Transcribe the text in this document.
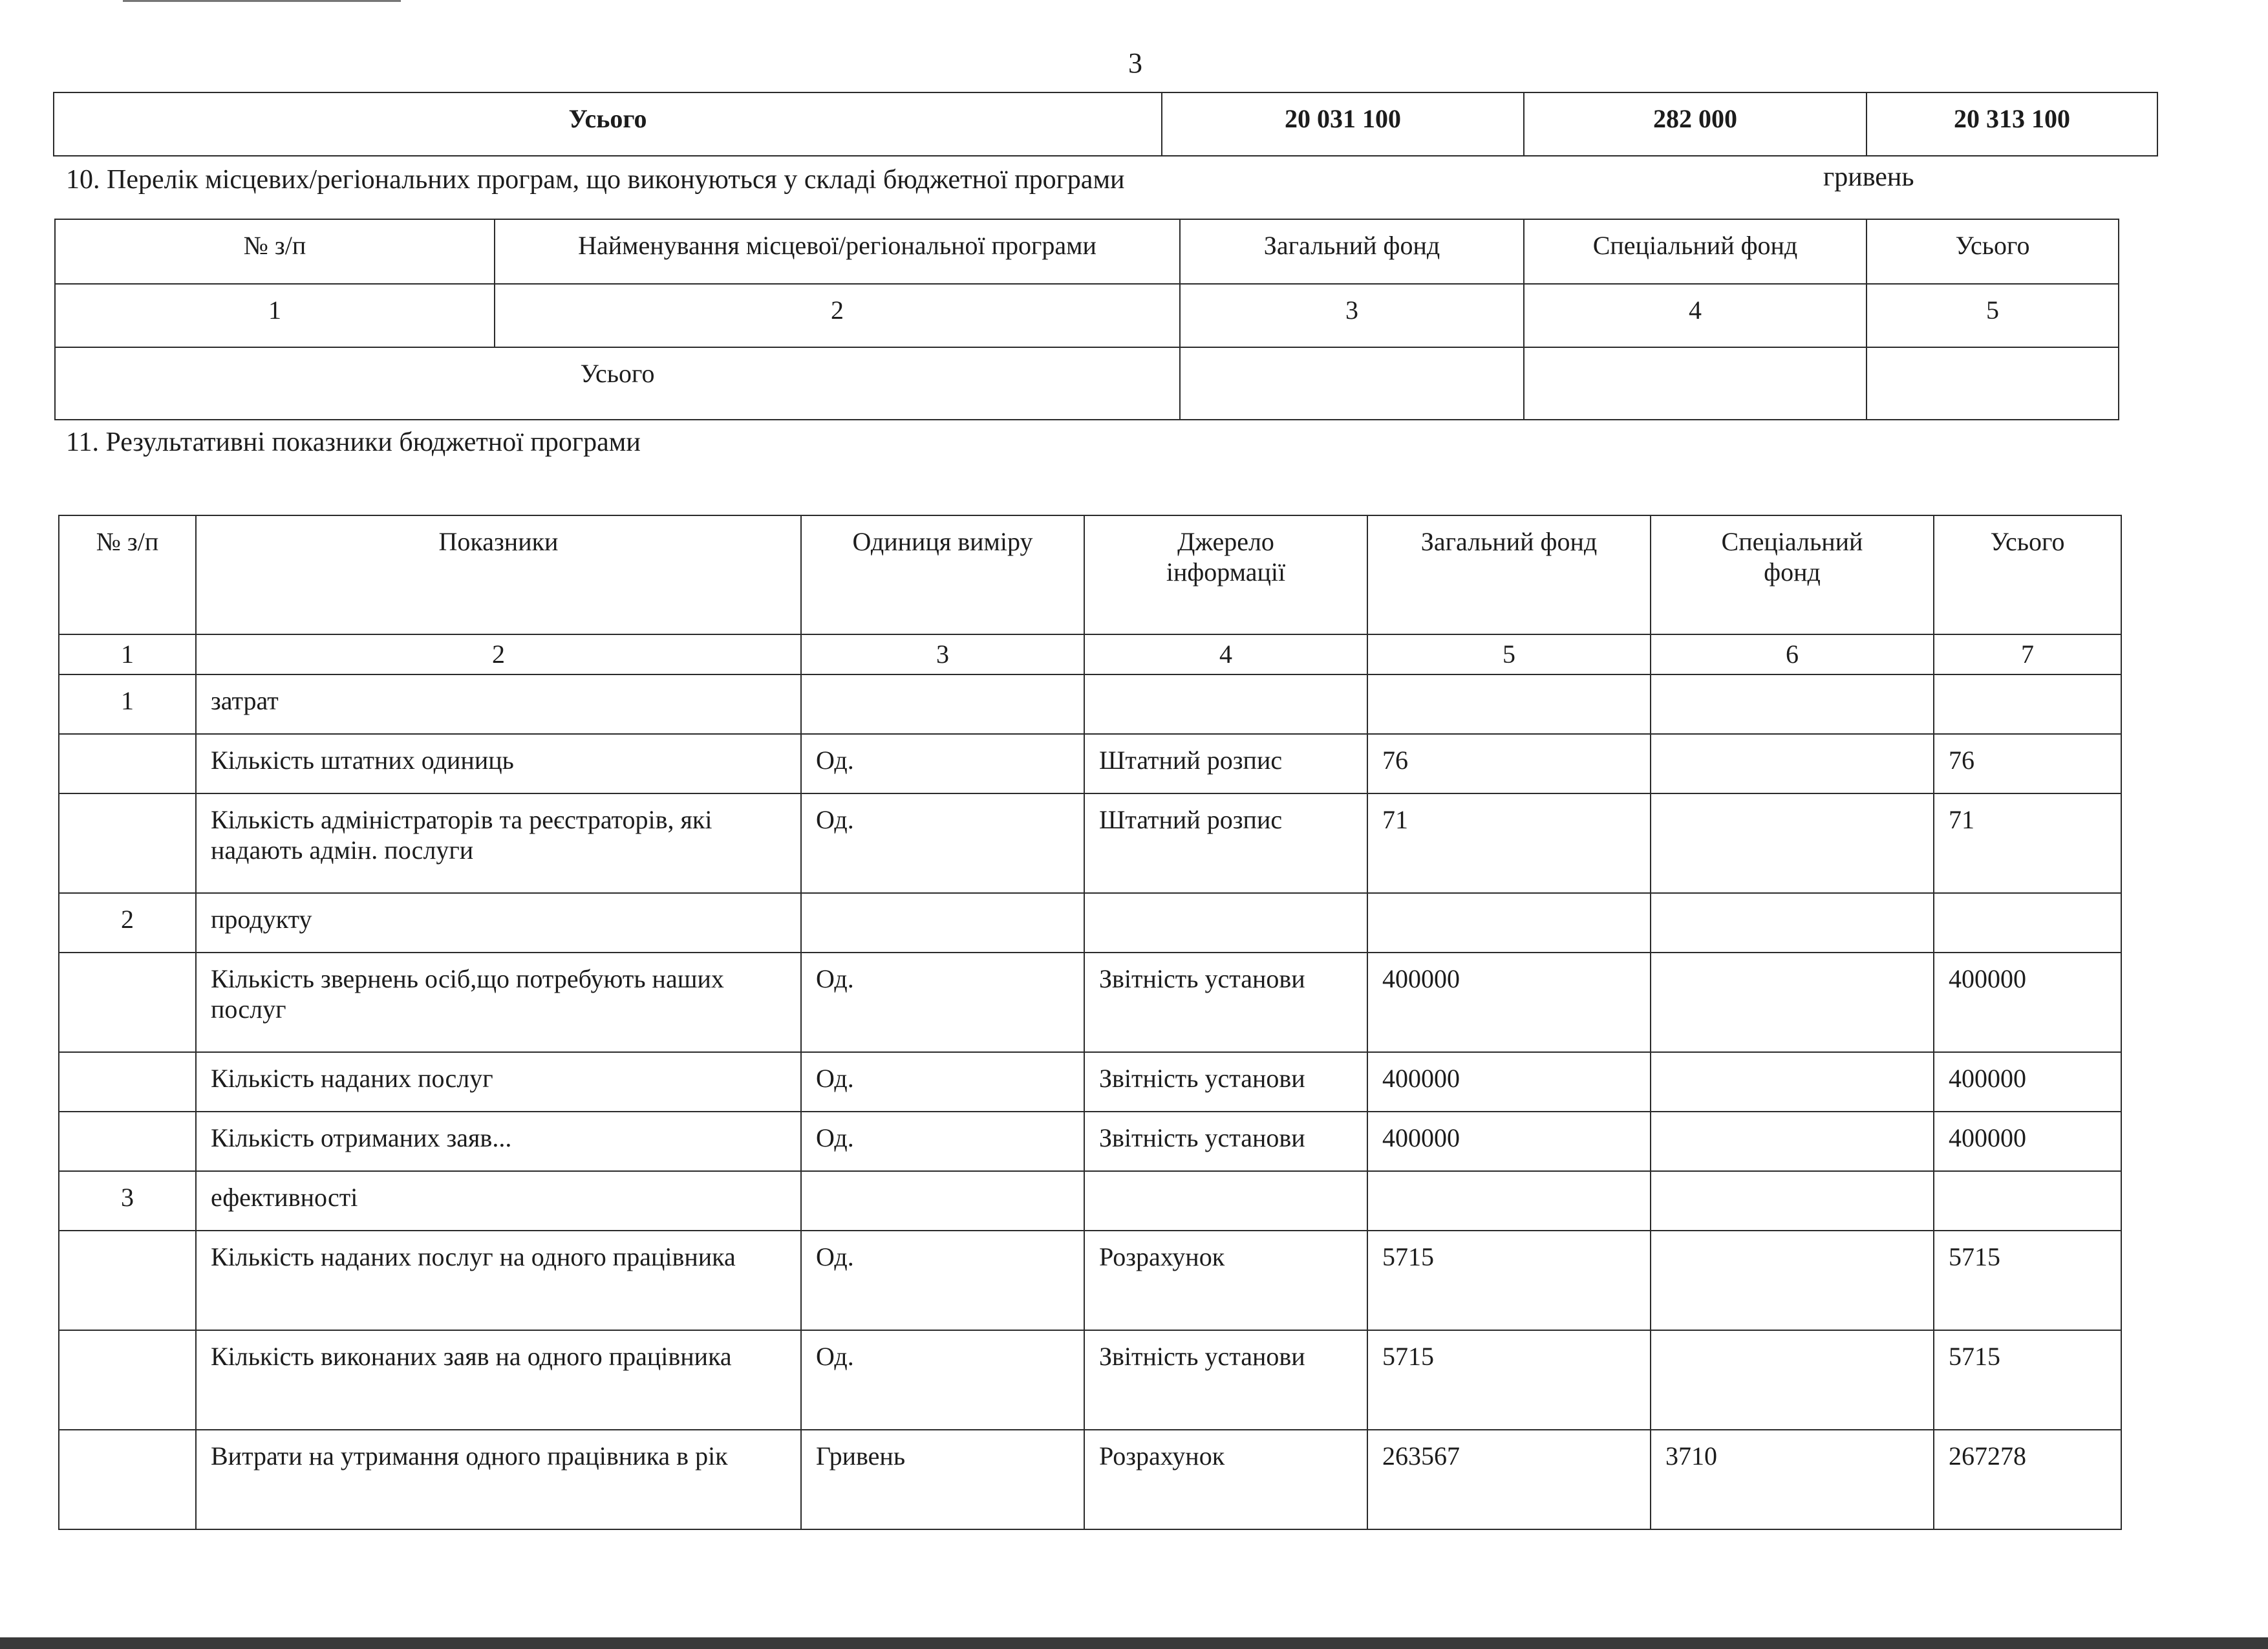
3
Усього	20 031 100	282 000	20 313 100
10. Перелік місцевих/регіональних програм, що виконуються у складі бюджетної програми	гривень
№ з/п	Найменування місцевої/регіональної програми	Загальний фонд	Спеціальний фонд	Усього
1	2	3	4	5
Усього				
11. Результативні показники бюджетної програми
№ з/п	Показники	Одиниця виміру	Джерело інформації	Загальний фонд	Спеціальний фонд	Усього
1	2	3	4	5	6	7
1	затрат					
	Кількість штатних одиниць	Од.	Штатний розпис	76		76
	Кількість адміністраторів та реєстраторів, які надають адмін. послуги	Од.	Штатний розпис	71		71
2	продукту					
	Кількість звернень осіб,що потребують наших послуг	Од.	Звітність установи	400000		400000
	Кількість наданих послуг	Од.	Звітність установи	400000		400000
	Кількість отриманих заяв...	Од.	Звітність установи	400000		400000
3	ефективності					
	Кількість наданих послуг на одного працівника	Од.	Розрахунок	5715		5715
	Кількість виконаних заяв на одного працівника	Од.	Звітність установи	5715		5715
	Витрати на утримання одного працівника в рік	Гривень	Розрахунок	263567	3710	267278
